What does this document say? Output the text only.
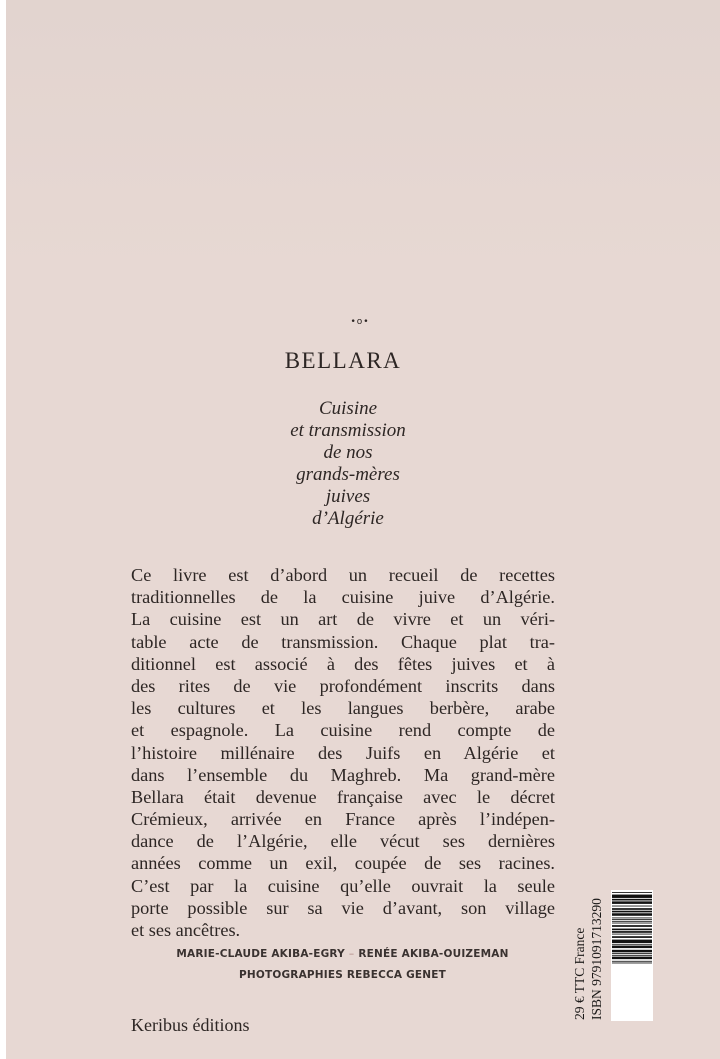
•o•
BELLARA
Cuisine
et transmission
de nos
grands-mères
juives
d’Algérie
Ce livre est d’abord un recueil de recettes
traditionnelles de la cuisine juive d’Algérie.
La cuisine est un art de vivre et un véri-
table acte de transmission. Chaque plat tra-
ditionnel est associé à des fêtes juives et à
des rites de vie profondément inscrits dans
les cultures et les langues berbère, arabe
et espagnole. La cuisine rend compte de
l’histoire millénaire des Juifs en Algérie et
dans l’ensemble du Maghreb. Ma grand-mère
Bellara était devenue française avec le décret
Crémieux, arrivée en France après l’indépen-
dance de l’Algérie, elle vécut ses dernières
années comme un exil, coupée de ses racines.
C’est par la cuisine qu’elle ouvrait la seule
porte possible sur sa vie d’avant, son village
et ses ancêtres.
MARIE-CLAUDE AKIBA-EGRY – RENÉE AKIBA-OUIZEMAN
PHOTOGRAPHIES REBECCA GENET
Keribus éditions
29 € TTC France ISBN 9791091713290
